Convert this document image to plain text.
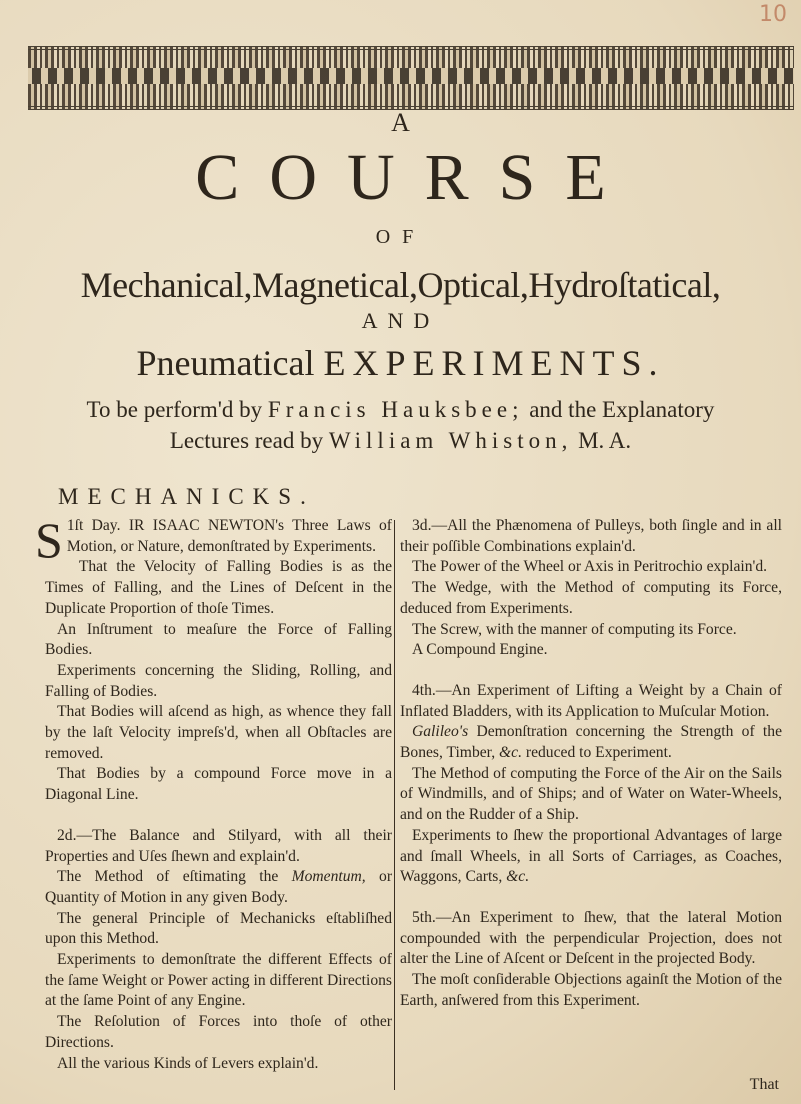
10
A
COURSE
OF
Mechanical,Magnetical,Optical,Hydroſtatical,
AND
Pneumatical EXPERIMENTS.
To be perform'd by Francis Hauksbee; and the Explanatory
Lectures read by William Whiston, M. A.
MECHANICKS.

1ſt Day.
S	IR ISAAC NEWTON's Three Laws of Motion, or Nature, demonſtrated by Experiments.

That the Velocity of Falling Bodies is as the Times of Falling, and the Lines of Deſcent in the Duplicate Proportion of thoſe Times.

An Inſtrument to meaſure the Force of Falling Bodies.

Experiments concerning the Sliding, Rolling, and Falling of Bodies.

That Bodies will aſcend as high, as whence they fall by the laſt Velocity impreſs'd, when all Obſtacles are removed.

That Bodies by a compound Force move in a Diagonal Line.

2d.—The Balance and Stilyard, with all their Properties and Uſes ſhewn and explain'd.

The Method of eſtimating the Momentum, or Quantity of Motion in any given Body.

The general Principle of Mechanicks eſtabliſhed upon this Method.

Experiments to demonſtrate the different Effects of the ſame Weight or Power acting in different Directions at the ſame Point of any Engine.

The Reſolution of Forces into thoſe of other Directions.

All the various Kinds of Levers explain'd.

3d.—All the Phænomena of Pulleys, both ſingle and in all their poſſible Combinations explain'd.

The Power of the Wheel or Axis in Peritrochio explain'd.

The Wedge, with the Method of computing its Force, deduced from Experiments.

The Screw, with the manner of computing its Force.

A Compound Engine.

4th.—An Experiment of Lifting a Weight by a Chain of Inflated Bladders, with its Application to Muſcular Motion.

Galileo's Demonſtration concerning the Strength of the Bones, Timber, &c. reduced to Experiment.

The Method of computing the Force of the Air on the Sails of Windmills, and of Ships; and of Water on Water-Wheels, and on the Rudder of a Ship.

Experiments to ſhew the proportional Advantages of large and ſmall Wheels, in all Sorts of Carriages, as Coaches, Waggons, Carts, &c.

5th.—An Experiment to ſhew, that the lateral Motion compounded with the perpendicular Projection, does not alter the Line of Aſcent or Deſcent in the projected Body.

The moſt conſiderable Objections againſt the Motion of the Earth, anſwered from this Experiment.

That
